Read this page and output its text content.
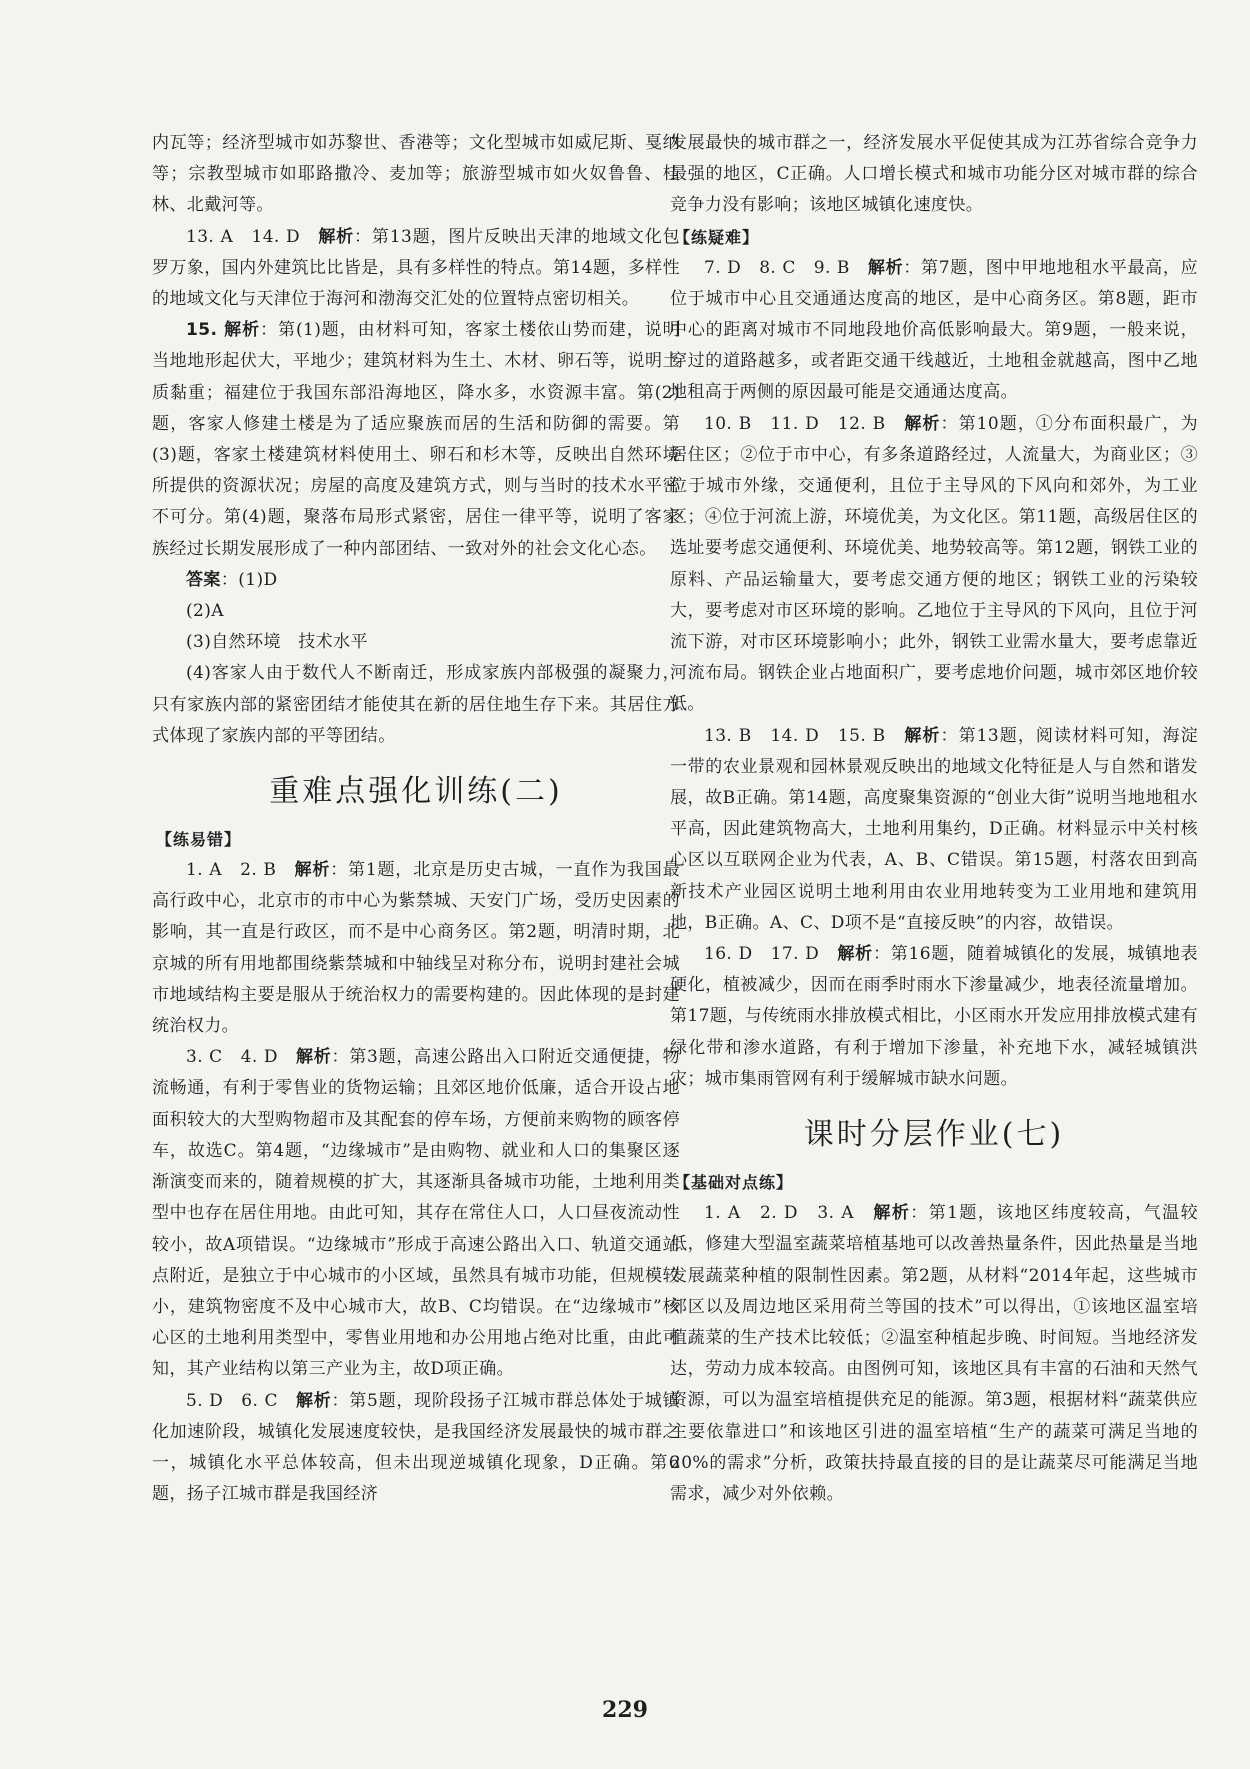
内瓦等；经济型城市如苏黎世、香港等；文化型城市如威尼斯、戛纳等；宗教型城市如耶路撒冷、麦加等；旅游型城市如火奴鲁鲁、桂林、北戴河等。

13. A　14. D　 解析：第13题，图片反映出天津的地域文化包罗万象，国内外建筑比比皆是，具有多样性的特点。第14题，多样性的地域文化与天津位于海河和渤海交汇处的位置特点密切相关。

15. 解析：第(1)题，由材料可知，客家土楼依山势而建，说明当地地形起伏大，平地少；建筑材料为生土、木材、卵石等，说明土质黏重；福建位于我国东部沿海地区，降水多，水资源丰富。第(2)题，客家人修建土楼是为了适应聚族而居的生活和防御的需要。第(3)题，客家土楼建筑材料使用土、卵石和杉木等，反映出自然环境所提供的资源状况；房屋的高度及建筑方式，则与当时的技术水平密不可分。第(4)题，聚落布局形式紧密，居住一律平等，说明了客家族经过长期发展形成了一种内部团结、一致对外的社会文化心态。

答案：(1)D

(2)A

(3)自然环境　技术水平

(4)客家人由于数代人不断南迁，形成家族内部极强的凝聚力，只有家族内部的紧密团结才能使其在新的居住地生存下来。其居住方式体现了家族内部的平等团结。

重难点强化训练(二)
【练易错】

1. A　2. B　 解析：第1题，北京是历史古城，一直作为我国最高行政中心，北京市的市中心为紫禁城、天安门广场，受历史因素的影响，其一直是行政区，而不是中心商务区。第2题，明清时期，北京城的所有用地都围绕紫禁城和中轴线呈对称分布，说明封建社会城市地域结构主要是服从于统治权力的需要构建的。因此体现的是封建统治权力。

3. C　4. D　 解析：第3题，高速公路出入口附近交通便捷，物流畅通，有利于零售业的货物运输；且郊区地价低廉，适合开设占地面积较大的大型购物超市及其配套的停车场，方便前来购物的顾客停车，故选C。第4题，“边缘城市”是由购物、就业和人口的集聚区逐渐演变而来的，随着规模的扩大，其逐渐具备城市功能，土地利用类型中也存在居住用地。由此可知，其存在常住人口，人口昼夜流动性较小，故A项错误。“边缘城市”形成于高速公路出入口、轨道交通站点附近，是独立于中心城市的小区域，虽然具有城市功能，但规模较小，建筑物密度不及中心城市大，故B、C均错误。在“边缘城市”核心区的土地利用类型中，零售业用地和办公用地占绝对比重，由此可知，其产业结构以第三产业为主，故D项正确。

5. D　6. C　 解析：第5题，现阶段扬子江城市群总体处于城镇化加速阶段，城镇化发展速度较快，是我国经济发展最快的城市群之一，城镇化水平总体较高，但未出现逆城镇化现象，D正确。第6题，扬子江城市群是我国经济

发展最快的城市群之一，经济发展水平促使其成为江苏省综合竞争力最强的地区，C正确。人口增长模式和城市功能分区对城市群的综合竞争力没有影响；该地区城镇化速度快。

【练疑难】

7. D　8. C　9. B　 解析：第7题，图中甲地地租水平最高，应位于城市中心且交通通达度高的地区，是中心商务区。第8题，距市中心的距离对城市不同地段地价高低影响最大。第9题，一般来说，穿过的道路越多，或者距交通干线越近，土地租金就越高，图中乙地地租高于两侧的原因最可能是交通通达度高。

10. B　11. D　12. B　 解析：第10题，①分布面积最广，为居住区；②位于市中心，有多条道路经过，人流量大，为商业区；③位于城市外缘，交通便利，且位于主导风的下风向和郊外，为工业区；④位于河流上游，环境优美，为文化区。第11题，高级居住区的选址要考虑交通便利、环境优美、地势较高等。第12题，钢铁工业的原料、产品运输量大，要考虑交通方便的地区；钢铁工业的污染较大，要考虑对市区环境的影响。乙地位于主导风的下风向，且位于河流下游，对市区环境影响小；此外，钢铁工业需水量大，要考虑靠近河流布局。钢铁企业占地面积广，要考虑地价问题，城市郊区地价较低。

13. B　14. D　15. B　 解析：第13题，阅读材料可知，海淀一带的农业景观和园林景观反映出的地域文化特征是人与自然和谐发展，故B正确。第14题，高度聚集资源的“创业大街”说明当地地租水平高，因此建筑物高大，土地利用集约，D正确。材料显示中关村核心区以互联网企业为代表，A、B、C错误。第15题，村落农田到高新技术产业园区说明土地利用由农业用地转变为工业用地和建筑用地，B正确。A、C、D项不是“直接反映”的内容，故错误。

16. D　17. D　 解析：第16题，随着城镇化的发展，城镇地表硬化，植被减少，因而在雨季时雨水下渗量减少，地表径流量增加。第17题，与传统雨水排放模式相比，小区雨水开发应用排放模式建有绿化带和渗水道路，有利于增加下渗量，补充地下水，减轻城镇洪灾；城市集雨管网有利于缓解城市缺水问题。

课时分层作业(七)
【基础对点练】

1. A　2. D　3. A　 解析：第1题，该地区纬度较高，气温较低，修建大型温室蔬菜培植基地可以改善热量条件，因此热量是当地发展蔬菜种植的限制性因素。第2题，从材料“2014年起，这些城市郊区以及周边地区采用荷兰等国的技术”可以得出，①该地区温室培植蔬菜的生产技术比较低；②温室种植起步晚、时间短。当地经济发达，劳动力成本较高。由图例可知，该地区具有丰富的石油和天然气资源，可以为温室培植提供充足的能源。第3题，根据材料“蔬菜供应主要依靠进口”和该地区引进的温室培植“生产的蔬菜可满足当地的20%的需求”分析，政策扶持最直接的目的是让蔬菜尽可能满足当地需求，减少对外依赖。

229
